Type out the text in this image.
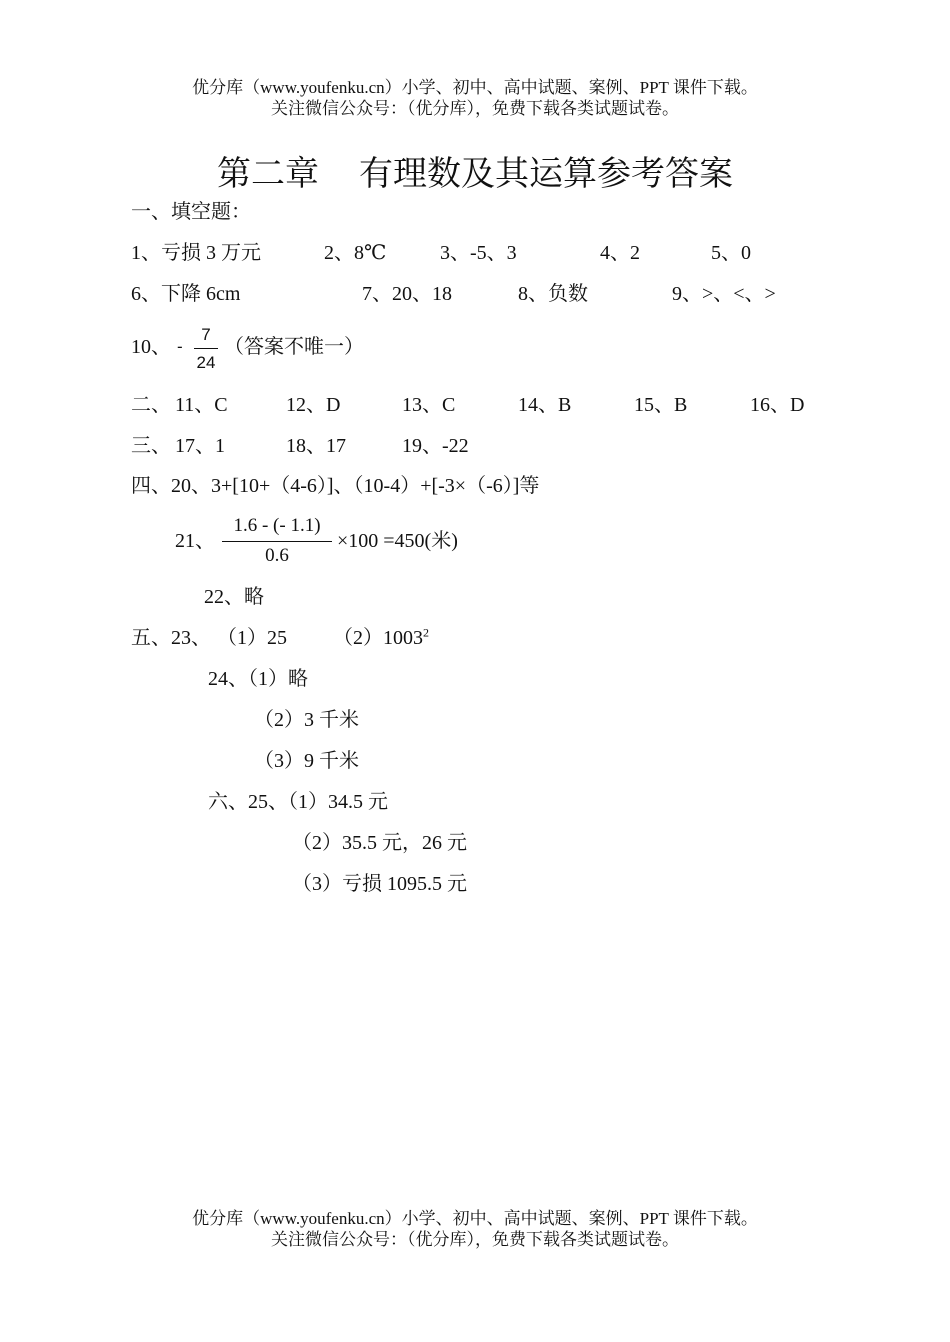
优分库（www.youfenku.cn）小学、初中、高中试题、案例、PPT 课件下载。
关注微信公众号：（优分库），免费下载各类试题试卷。
第二章 有理数及其运算参考答案
一、填空题：
1、亏损 3 万元	2、8℃	3、-5、3	4、2	5、0
6、下降 6cm	7、20、18	8、负数	9、>、<、>
10、 -
7
24
（答案不唯一）
二、 11、C	12、D	13、C	14、B	15、B	16、D
三、 17、1	18、17	19、-22
四、20、3+[10+（4-6）]、（10-4）+[-3×（-6）]等
21、
1.6 - (- 1.1)
0.6
×100 =450(米)
22、略
五、23、 （1）25 （2）1003$^2$
24、（1）略
（2）3 千米
（3）9 千米
六、25、（1）34.5 元
（2）35.5 元，26 元
（3）亏损 1095.5 元
优分库（www.youfenku.cn）小学、初中、高中试题、案例、PPT 课件下载。
关注微信公众号：（优分库），免费下载各类试题试卷。
